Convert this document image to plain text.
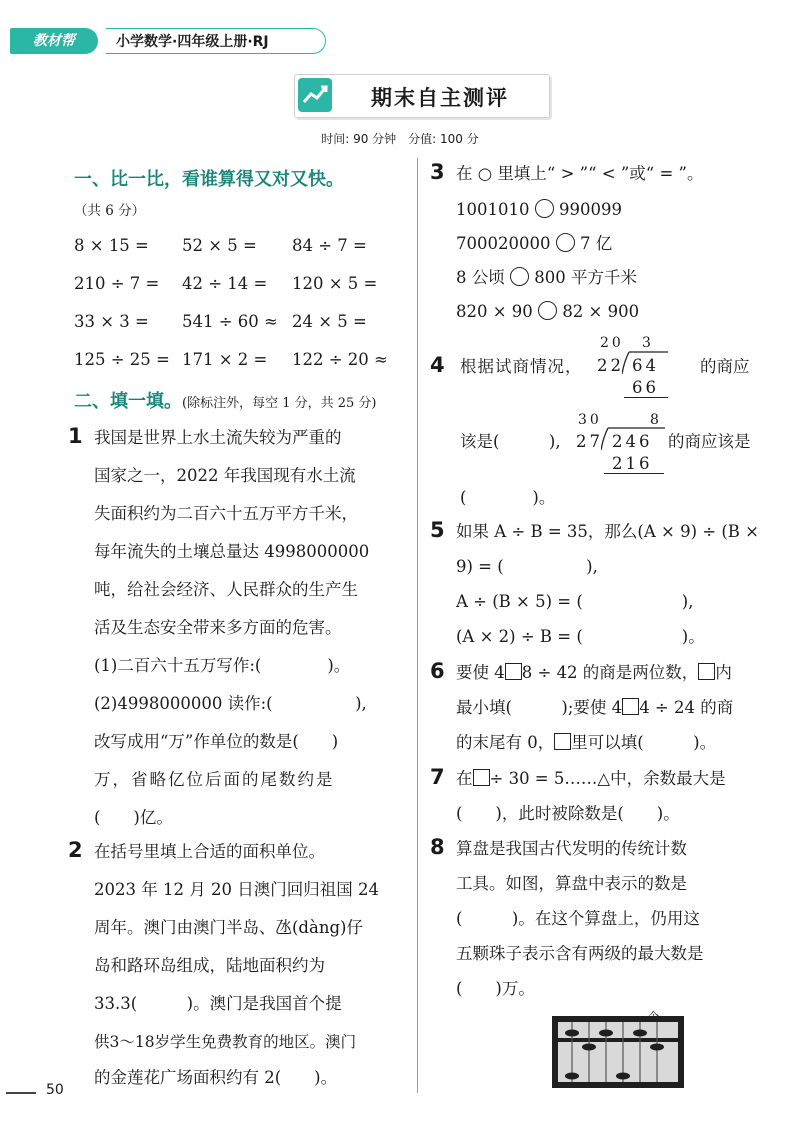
教材帮	小学数学·四年级上册·RJ
期末自主测评
时间: 90 分钟　分值: 100 分
一、比一比，看谁算得又对又快。
（共 6 分）
8 × 15 = 52 × 5 = 84 ÷ 7 =
210 ÷ 7 = 42 ÷ 14 = 120 × 5 =
33 × 3 = 541 ÷ 60 ≈ 24 × 5 =
125 ÷ 25 = 171 × 2 = 122 ÷ 20 ≈
二、填一填。(除标注外，每空 1 分，共 25 分)
1 我国是世界上水土流失较为严重的
国家之一，2022 年我国现有水土流
失面积约为二百六十五万平方千米，
每年流失的土壤总量达 4998000000
吨，给社会经济、人民群众的生产生
活及生态安全带来多方面的危害。
(1)二百六十五万写作:(　　　　)。
(2)4998000000 读作:(　　　　　),
改写成用“万”作单位的数是(　　)
万，省略亿位后面的尾数约是
(　　)亿。
2 在括号里填上合适的面积单位。
2023 年 12 月 20 日澳门回归祖国 24
周年。澳门由澳门半岛、氹(dàng)仔
岛和路环岛组成，陆地面积约为
33.3(　　　)。澳门是我国首个提
供3～18岁学生免费教育的地区。澳门
的金莲花广场面积约有 2(　　)。
3 在 ○ 里填上“ > ”“ < ”或“ = ”。
1001010 990099
700020000 7 亿
8 公顷 800 平方千米
820 × 90 82 × 900
4 根据试商情况，
20 3
22 64
66
的商应
该是(　　　),
30	8
27 246
216
的商应该是
(　　　　)。
5 如果 A ÷ B = 35，那么(A × 9) ÷ (B ×
9) = (　　　　　),
A ÷ (B × 5) = (　　　　　　),
(A × 2) ÷ B = (　　　　　　)。
6 要使 4 8 ÷ 42 的商是两位数， 内
最小填(　　　);要使 4 4 ÷ 24 的商
的末尾有 0， 里可以填(　　　)。
7 在 ÷ 30 = 5……△中，余数最大是
(　　)，此时被除数是(　　)。
8 算盘是我国古代发明的传统计数
工具。如图，算盘中表示的数是
(　　　)。在这个算盘上，仍用这
五颗珠子表示含有两级的最大数是
(　　)万。
50
